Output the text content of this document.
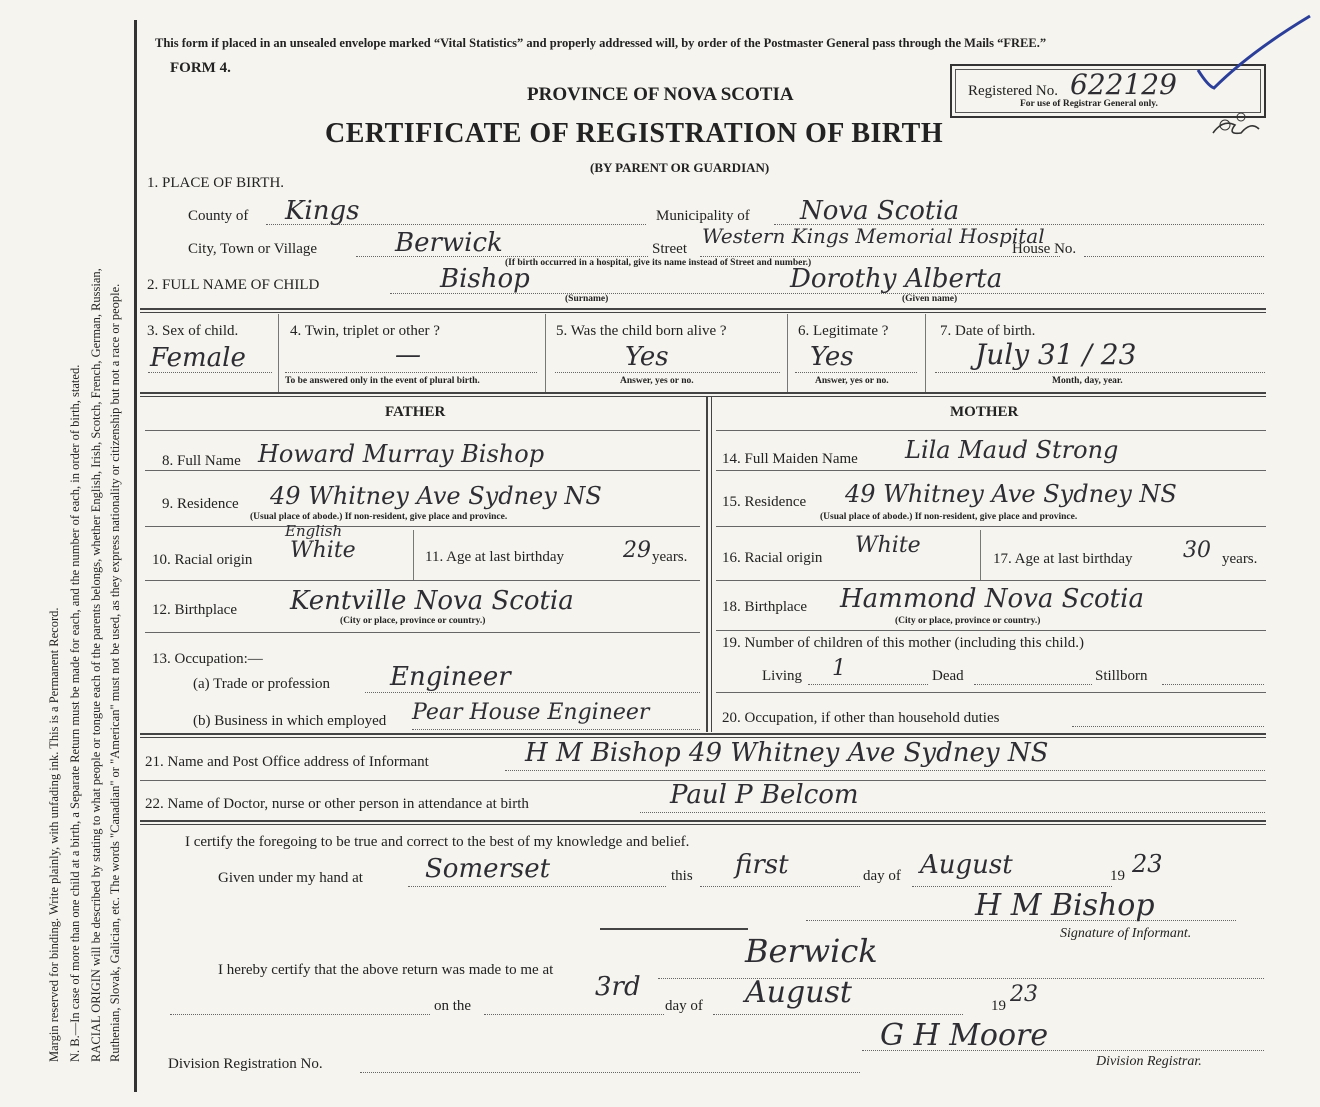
Margin reserved for binding. Write plainly, with unfading ink. This is a Permanent Record. N. B.—In case of more than one child at a birth, a Separate Return must be made for each, and the number of each, in order of birth, stated. RACIAL ORIGIN will be described by stating to what people or tongue each of the parents belongs, whether English, Irish, Scotch, French, German, Russian, Ruthenian, Slovak, Galician, etc. The words "Canadian" or "American" must not be used, as they express nationality or citizenship but not a race or people.
This form if placed in an unsealed envelope marked “Vital Statistics” and properly addressed will, by order of the Postmaster General pass through the Mails “FREE.”
FORM 4.
PROVINCE OF NOVA SCOTIA
CERTIFICATE OF REGISTRATION OF BIRTH
(BY PARENT OR GUARDIAN)
Registered No. 622129
For use of Registrar General only.
1. PLACE OF BIRTH.
County of Kings	Municipality of Nova Scotia
City, Town or Village	Berwick	Street
Western Kings Memorial Hospital
House No.
(If birth occurred in a hospital, give its name instead of Street and number.)
2. FULL NAME OF CHILD	Bishop
(Surname)
Dorothy Alberta
(Given name)
3. Sex of child.
Female
4. Twin, triplet or other ?
—
To be answered only in the event of plural birth.
5. Was the child born alive ?
Yes
Answer, yes or no.
6. Legitimate ?
Yes
Answer, yes or no.
7. Date of birth.
July 31 / 23
Month, day, year.
FATHER	MOTHER
8. Full Name Howard Murray Bishop
9. Residence 49 Whitney Ave Sydney NS
(Usual place of abode.) If non-resident, give place and province.
10. Racial origin
English
White	11. Age at last birthday	29 years.
12. Birthplace Kentville Nova Scotia
(City or place, province or country.)
13. Occupation:—
(a) Trade or profession Engineer
(b) Business in which employed Pear House Engineer
14. Full Maiden Name Lila Maud Strong
15. Residence 49 Whitney Ave Sydney NS
(Usual place of abode.) If non-resident, give place and province.
16. Racial origin White
17. Age at last birthday 30 years.
18. Birthplace Hammond Nova Scotia
(City or place, province or country.)
19. Number of children of this mother (including this child.)
Living 1	Dead	Stillborn
20. Occupation, if other than household duties
21. Name and Post Office address of Informant	H M Bishop 49 Whitney Ave Sydney NS
22. Name of Doctor, nurse or other person in attendance at birth	Paul P Belcom
I certify the foregoing to be true and correct to the best of my knowledge and belief.
Given under my hand at Somerset	this first	day of August	19 23
H M Bishop
Signature of Informant.
I hereby certify that the above return was made to me at	Berwick
on the
3rd
day of August	19 23
G H Moore
Division Registration No.	Division Registrar.
